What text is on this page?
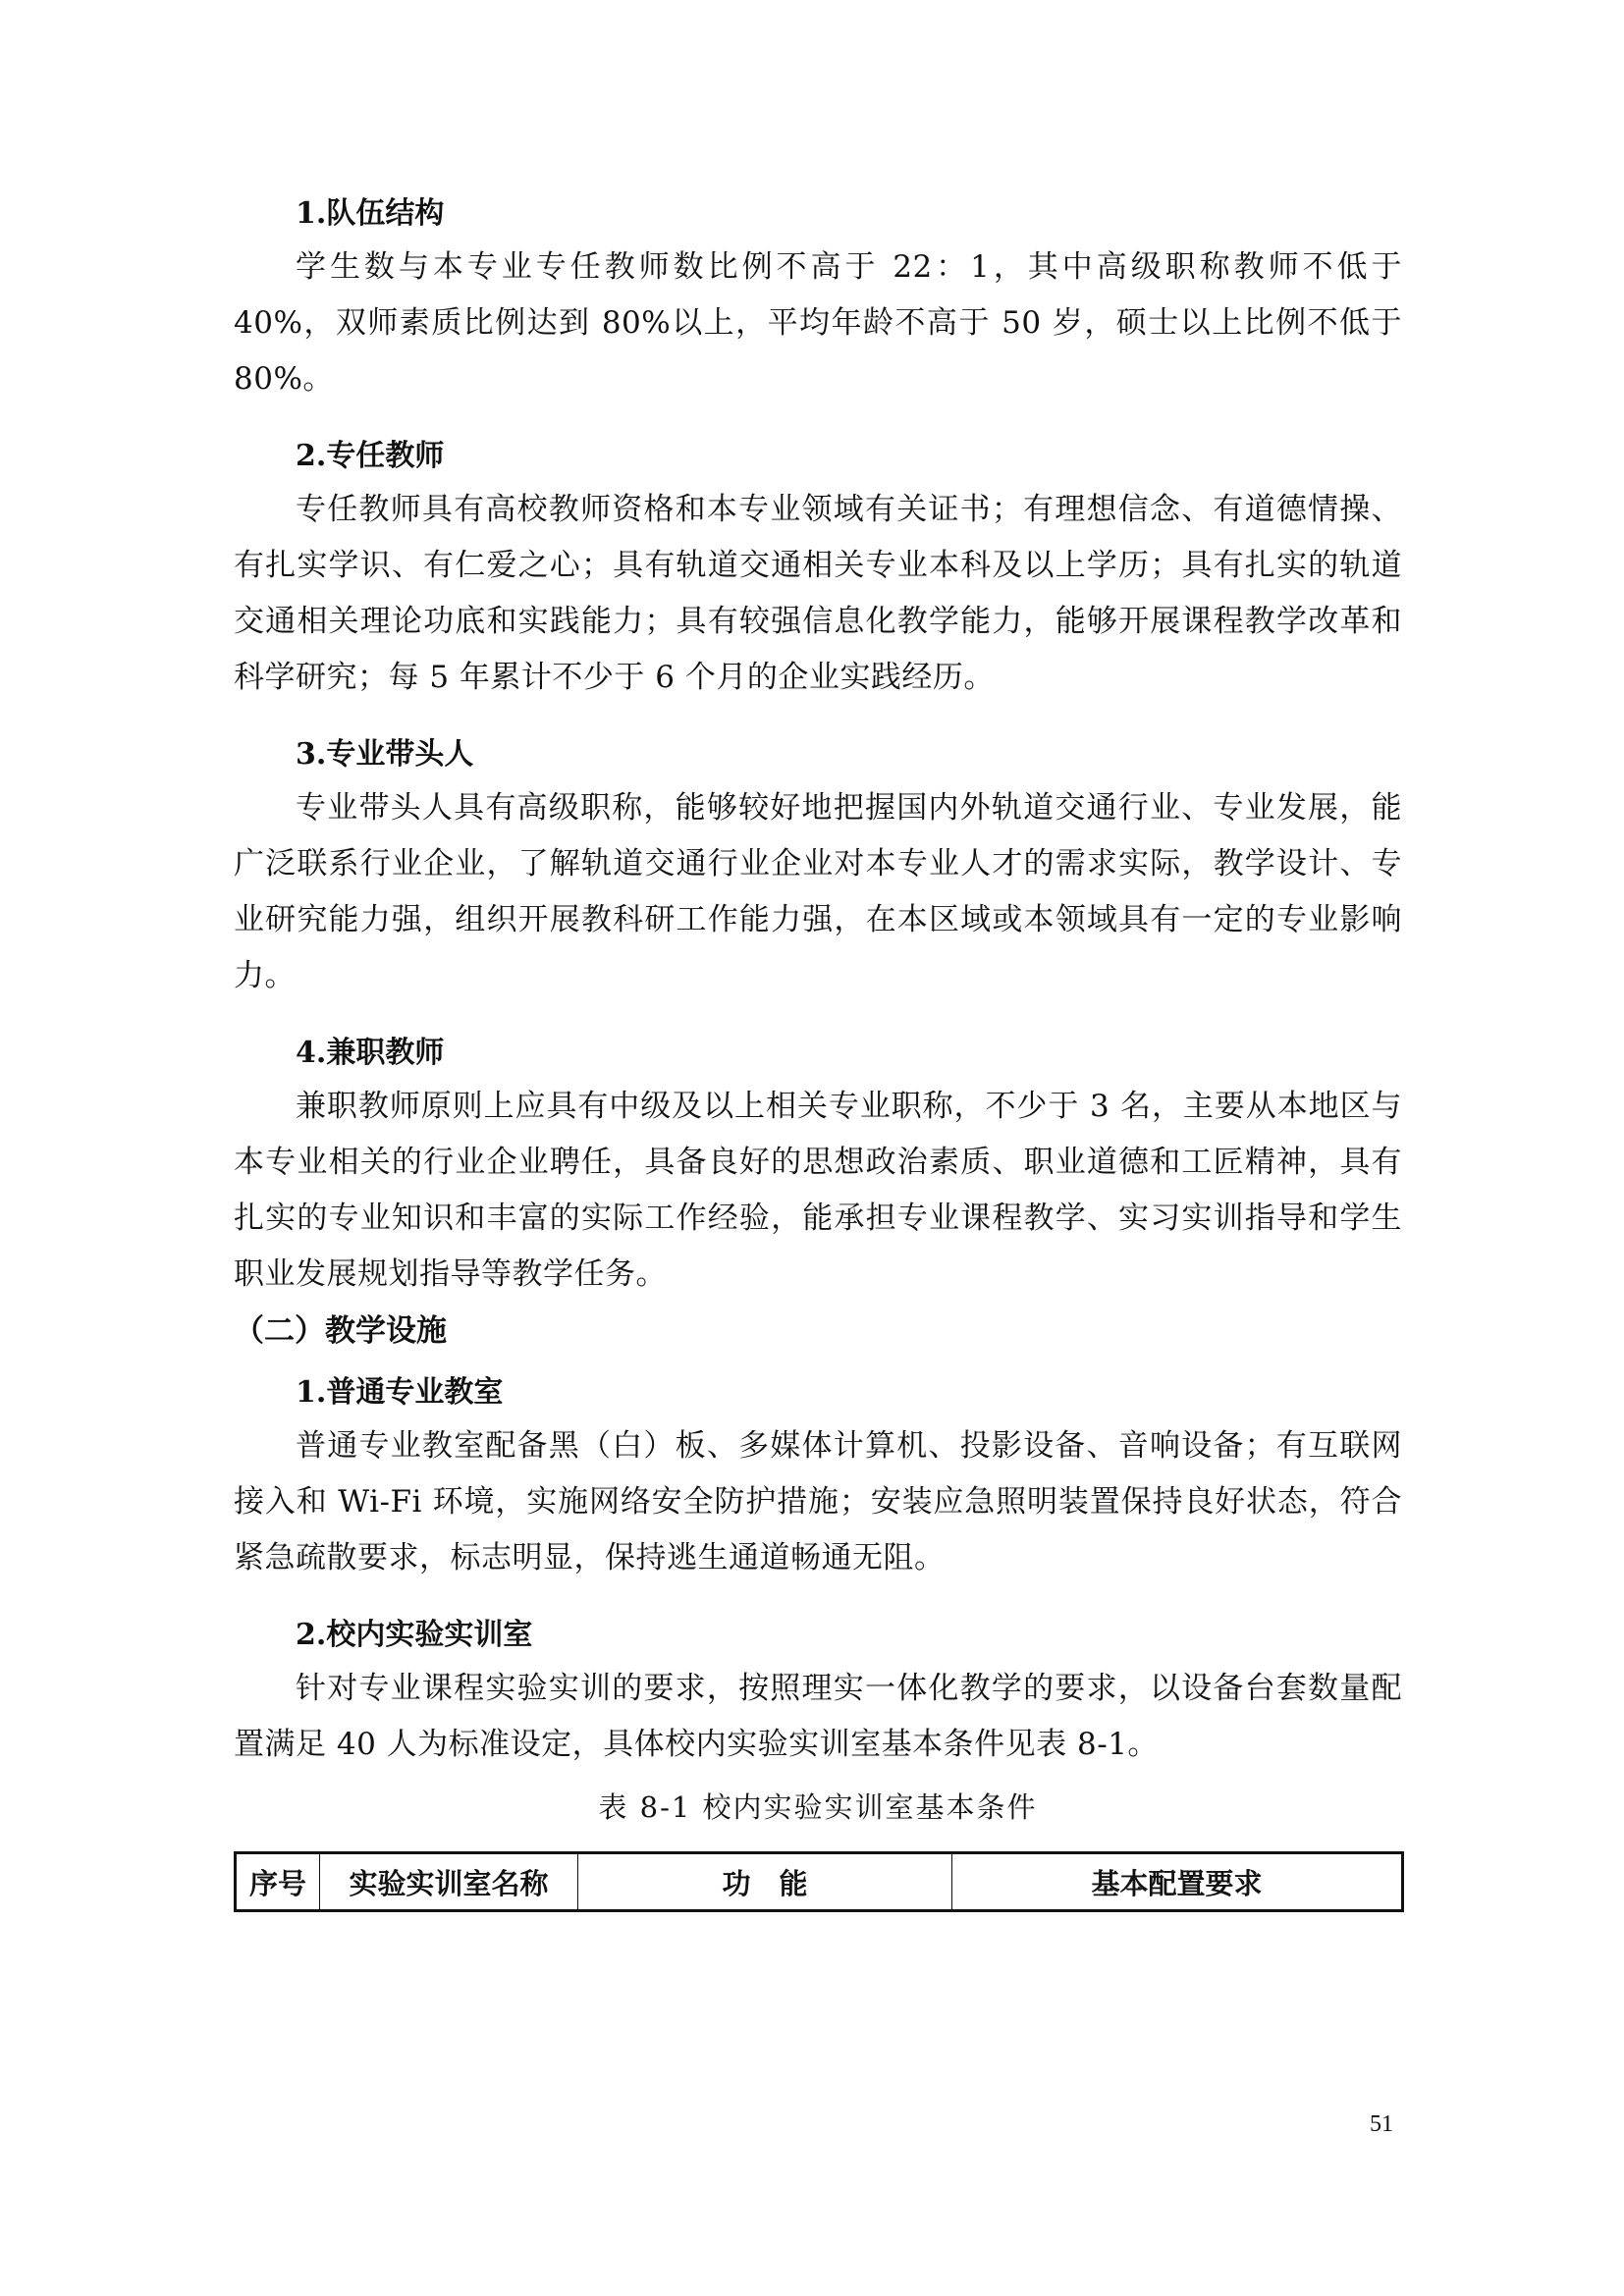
1.队伍结构

学生数与本专业专任教师数比例不高于 22：1，其中高级职称教师不低于 40%，双师素质比例达到 80%以上，平均年龄不高于 50 岁，硕士以上比例不低于 80%。

2.专任教师

专任教师具有高校教师资格和本专业领域有关证书；有理想信念、有道德情操、有扎实学识、有仁爱之心；具有轨道交通相关专业本科及以上学历；具有扎实的轨道交通相关理论功底和实践能力；具有较强信息化教学能力，能够开展课程教学改革和科学研究；每 5 年累计不少于 6 个月的企业实践经历。

3.专业带头人

专业带头人具有高级职称，能够较好地把握国内外轨道交通行业、专业发展，能广泛联系行业企业，了解轨道交通行业企业对本专业人才的需求实际，教学设计、专业研究能力强，组织开展教科研工作能力强，在本区域或本领域具有一定的专业影响力。

4.兼职教师

兼职教师原则上应具有中级及以上相关专业职称，不少于 3 名，主要从本地区与本专业相关的行业企业聘任，具备良好的思想政治素质、职业道德和工匠精神，具有扎实的专业知识和丰富的实际工作经验，能承担专业课程教学、实习实训指导和学生职业发展规划指导等教学任务。

（二）教学设施
1.普通专业教室

普通专业教室配备黑（白）板、多媒体计算机、投影设备、音响设备；有互联网接入和 Wi-Fi 环境，实施网络安全防护措施；安装应急照明装置保持良好状态，符合紧急疏散要求，标志明显，保持逃生通道畅通无阻。

2.校内实验实训室

针对专业课程实验实训的要求，按照理实一体化教学的要求，以设备台套数量配置满足 40 人为标准设定，具体校内实验实训室基本条件见表 8-1。

表 8-1 校内实验实训室基本条件
序号	实验实训室名称	功　能	基本配置要求
51
